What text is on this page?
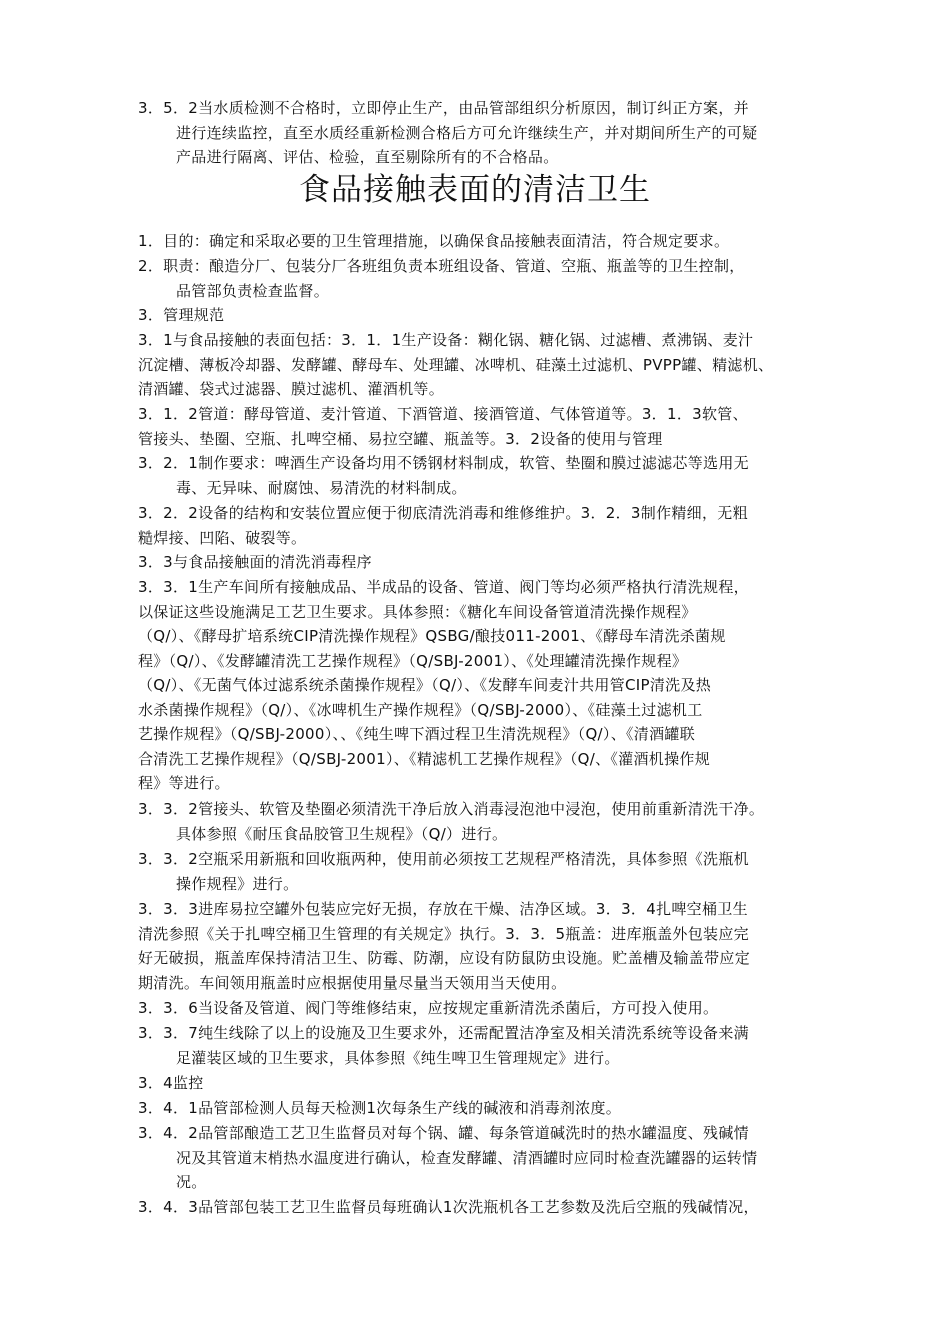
3．5．2当水质检测不合格时，立即停止生产，由品管部组织分析原因，制订纠正方案，并
进行连续监控，直至水质经重新检测合格后方可允许继续生产，并对期间所生产的可疑
产品进行隔离、评估、检验，直至剔除所有的不合格品。
食品接触表面的清洁卫生
1．目的：确定和采取必要的卫生管理措施，以确保食品接触表面清洁，符合规定要求。
2．职责：酿造分厂、包装分厂各班组负责本班组设备、管道、空瓶、瓶盖等的卫生控制，
品管部负责检查监督。
3．管理规范
3．1与食品接触的表面包括：3．1．1生产设备：糊化锅、糖化锅、过滤槽、煮沸锅、麦汁
沉淀槽、薄板冷却器、发酵罐、酵母车、处理罐、冰啤机、硅藻土过滤机、PVPP罐、精滤机、
清酒罐、袋式过滤器、膜过滤机、灌酒机等。
3．1．2管道：酵母管道、麦汁管道、下酒管道、接酒管道、气体管道等。3．1．3软管、
管接头、垫圈、空瓶、扎啤空桶、易拉空罐、瓶盖等。3．2设备的使用与管理
3．2．1制作要求：啤酒生产设备均用不锈钢材料制成，软管、垫圈和膜过滤滤芯等选用无
毒、无异味、耐腐蚀、易清洗的材料制成。
3．2．2设备的结构和安装位置应便于彻底清洗消毒和维修维护。3．2．3制作精细，无粗
糙焊接、凹陷、破裂等。
3．3与食品接触面的清洗消毒程序
3．3．1生产车间所有接触成品、半成品的设备、管道、阀门等均必须严格执行清洗规程，
以保证这些设施满足工艺卫生要求。具体参照：《糖化车间设备管道清洗操作规程》
（Q/）、《酵母扩培系统CIP清洗操作规程》QSBG/酿技011-2001、《酵母车清洗杀菌规
程》（Q/）、《发酵罐清洗工艺操作规程》（Q/SBJ-2001）、《处理罐清洗操作规程》
（Q/）、《无菌气体过滤系统杀菌操作规程》（Q/）、《发酵车间麦汁共用管CIP清洗及热
水杀菌操作规程》（Q/）、《冰啤机生产操作规程》（Q/SBJ-2000）、《硅藻土过滤机工
艺操作规程》（Q/SBJ-2000）、、《纯生啤下酒过程卫生清洗规程》（Q/）、《清酒罐联
合清洗工艺操作规程》（Q/SBJ-2001）、《精滤机工艺操作规程》（Q/、《灌酒机操作规
程》等进行。
3．3．2管接头、软管及垫圈必须清洗干净后放入消毒浸泡池中浸泡，使用前重新清洗干净。
具体参照《耐压食品胶管卫生规程》（Q/）进行。
3．3．2空瓶采用新瓶和回收瓶两种，使用前必须按工艺规程严格清洗，具体参照《洗瓶机
操作规程》进行。
3．3．3进库易拉空罐外包装应完好无损，存放在干燥、洁净区域。3．3．4扎啤空桶卫生
清洗参照《关于扎啤空桶卫生管理的有关规定》执行。3．3．5瓶盖：进库瓶盖外包装应完
好无破损，瓶盖库保持清洁卫生、防霉、防潮，应设有防鼠防虫设施。贮盖槽及输盖带应定
期清洗。车间领用瓶盖时应根据使用量尽量当天领用当天使用。
3．3．6当设备及管道、阀门等维修结束，应按规定重新清洗杀菌后，方可投入使用。
3．3．7纯生线除了以上的设施及卫生要求外，还需配置洁净室及相关清洗系统等设备来满
足灌装区域的卫生要求，具体参照《纯生啤卫生管理规定》进行。
3．4监控
3．4．1品管部检测人员每天检测1次每条生产线的碱液和消毒剂浓度。
3．4．2品管部酿造工艺卫生监督员对每个锅、罐、每条管道碱洗时的热水罐温度、残碱情
况及其管道末梢热水温度进行确认，检查发酵罐、清酒罐时应同时检查洗罐器的运转情
况。
3．4．3品管部包装工艺卫生监督员每班确认1次洗瓶机各工艺参数及洗后空瓶的残碱情况，
